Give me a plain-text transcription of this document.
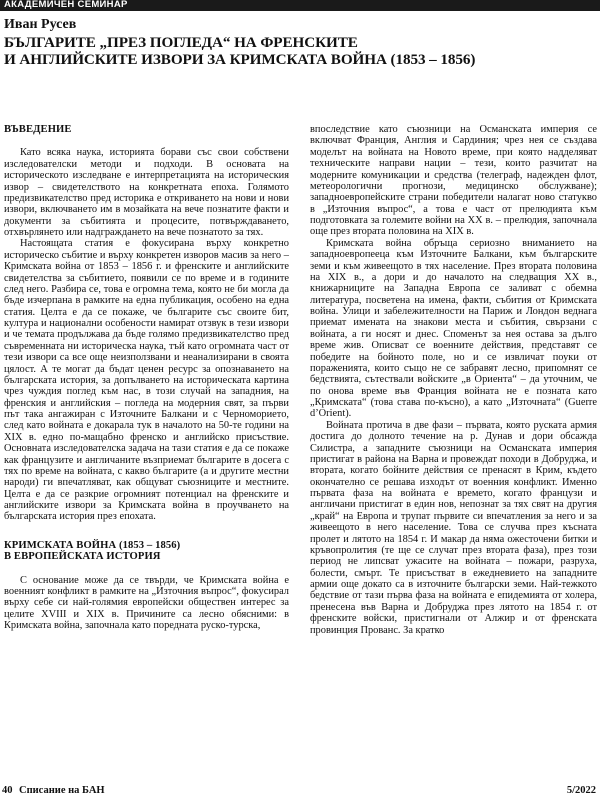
АКАДЕМИЧЕН СЕМИНАР
Иван Русев
БЪЛГАРИТЕ „ПРЕЗ ПОГЛЕДА“ НА ФРЕНСКИТЕ
И АНГЛИЙСКИТЕ ИЗВОРИ ЗА КРИМСКАТА ВОЙНА (1853 – 1856)
ВЪВЕДЕНИЕ

Като всяка наука, историята борави със свои собствени изследователски методи и подходи. В основата на историческото изследване е интерпретацията на историческия извор – свидетелството на конкретната епоха. Голямото предизвикателство пред историка е откриването на нови и нови извори, включването им в мозайката на вече познатите факти и документи за събитията и процесите, потвърждаването, отхвърлянето или надграждането на вече познатото за тях.

Настоящата статия е фокусирана върху конкретно историческо събитие и върху конкретен изворов масив за него – Кримската война от 1853 – 1856 г. и френските и английските свидетелства за събитието, появили се по време и в годините след него. Разбира се, това е огромна тема, която не би могла да бъде изчерпана в рамките на една публикация, особено на една статия. Целта е да се покаже, че българите със своите бит, култура и национални особености намират отзвук в тези извори и че темата продължава да бъде голямо предизвикателство пред съвременната ни историческа наука, тъй като огромната част от тези извори са все още неизползвани и неанализирани в своята цялост. А те могат да бъдат ценен ресурс за опознаването на българската история, за допълването на историческата картина чрез чуждия поглед към нас, в този случай на западния, на френския и английския – погледа на модерния свят, за първи път така ангажиран с Източните Балкани и с Черноморието, след като войната е докарала тук в началото на 50-те години на XIX в. едно по-мащабно френско и английско присъствие. Основната изследователска задача на тази статия е да се покаже как французите и англичаните възприемат българите в досега с тях по време на войната, с какво българите (а и другите местни народи) ги впечатляват, как общуват съюзниците и местните. Целта е да се разкрие огромният потенциал на френските и английските извори за Кримската война в проучването на българската история през епохата.

КРИМСКАТА ВОЙНА (1853 – 1856)
В ЕВРОПЕЙСКАТА ИСТОРИЯ

С основание може да се твърди, че Кримската война е военният конфликт в рамките на „Източния въпрос“, фокусирал върху себе си най-голямия европейски обществен интерес за целите XVIII и XIX в. Причините са лесно обясними: в Кримската война, започнала като поредната руско-турска,

впоследствие като съюзници на Османската империя се включват Франция, Англия и Сардиния; чрез нея се създава моделът на войната на Новото време, при която надделяват техническите направи нации – тези, които разчитат на модерните комуникации и средства (телеграф, надежден флот, метеорологични прогнози, медицинско обслужване); западноевропейските страни победители налагат ново статукво в „Източния въпрос“, а това е част от прелюдията към подготовката за големите войни на XX в. – прелюдия, започнала още през втората половина на XIX в.

Кримската война обръща сериозно вниманието на западноевропееца към Източните Балкани, към българските земи и към живеещото в тях население. През втората половина на XIX в., а дори и до началото на следващия XX в., книжарниците на Западна Европа се заливат с обемна литература, посветена на имена, факти, събития от Кримската война. Улици и забележителности на Париж и Лондон веднага приемат имената на знакови места и събития, свързани с войната, а ги носят и днес. Споменът за нея остава за дълго време жив. Описват се военните действия, представят се победите на бойното поле, но и се извличат поуки от пораженията, които също не се забравят лесно, припомнят се бедствията, сътествали войските „в Ориента“ – да уточним, че по онова време във Франция войната не е позната като „Кримската“ (това става по-късно), а като „Източната“ (Guerre d’Orient).

Войната протича в две фази – първата, която руската армия достига до долното течение на р. Дунав и дори обсажда Силистра, а западните съюзници на Османската империя пристигат в района на Варна и провеждат походи в Добруджа, и втората, когато бойните действия се пренасят в Крим, където окончателно се решава изходът от военния конфликт. Именно първата фаза на войната е времето, когато французи и англичани пристигат в един нов, непознат за тях свят на другия „край“ на Европа и трупат първите си впечатления за него и за живеещото в него население. Това се случва през късната пролет и лятото на 1854 г. И макар да няма ожесточени битки и кръвопролития (те ще се случат през втората фаза), през този период не липсват ужасите на войната – пожари, разруха, болести, смърт. Те присъстват в ежедневието на западните армии още докато са в източните български земи. Най-тежкото бедствие от тази първа фаза на войната е епидемията от холера, пренесена във Варна и Добруджа през лятото на 1854 г. от френските войски, пристигнали от Алжир и от френската провинция Прованс. За кратко

40 Списание на БАН	5/2022
